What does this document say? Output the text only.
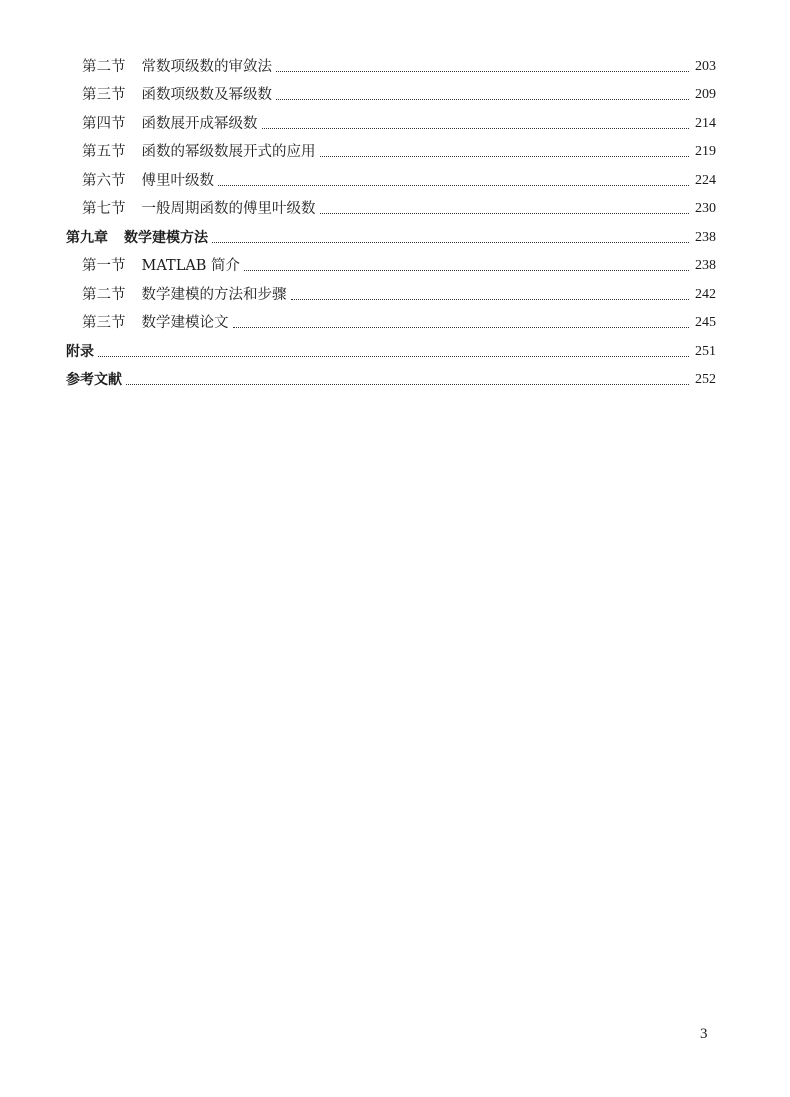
第二节 常数项级数的审敛法	203
第三节 函数项级数及幂级数	209
第四节 函数展开成幂级数	214
第五节 函数的幂级数展开式的应用	219
第六节 傅里叶级数	224
第七节 一般周期函数的傅里叶级数	230
第九章 数学建模方法	238
第一节 MATLAB 简介	238
第二节 数学建模的方法和步骤	242
第三节 数学建模论文	245
附录	251
参考文献	252
3
